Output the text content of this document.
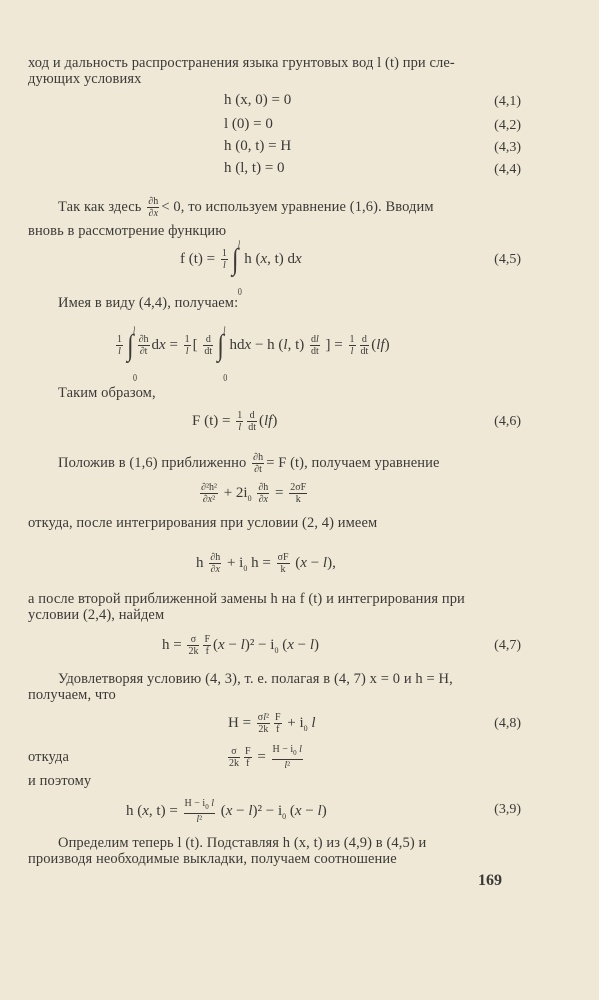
ход и дальность распространения языка грунтовых вод l (t) при сле-
дующих условиях
h (x, 0) = 0	(4,1)
l (0) = 0	(4,2)
h (0, t) = H	(4,3)
h (l, t) = 0	(4,4)
Так как здесь $\frac{\partial h}{\partial x} < 0$, то используем уравнение (1,6). Вводим
вновь в рассмотрение функцию
f $(t) = \frac{1}{l}$ ∫ l
0
h (x, t) dx	(4,5)
Имея в виду (4,4), получаем:
$\frac{1}{l}$ ∫ l
0
$\frac{\partial h}{\partial t}$ dx = $\frac{1}{l}$ [ $\frac{d}{dt}$ ∫ l
0
hdx − h (l, $t) \frac{dl}{dt}$ ] = $\frac{1}{l} \frac{d}{dt} (lf)$
Таким образом,
F $(t) = \frac{1}{l} \frac{d}{dt} (lf)$	(4,6)
Положив в (1,6) приближенно $\frac{\partial h}{\partial t} = F$ (t), получаем уравнение
$\frac{\text{∂²h²}}{\text{∂x²}} + 2i_0 \frac{\partial h}{\partial x} = \frac{2\sigma F}{k}$
откуда, после интегрирования при условии (2, 4) имеем
h $\frac{\partial h}{\partial x} + i_0$ $h = \frac{\sigma F}{k} (x - l)$,
а после второй приближенной замены h на f (t) и интегрирования при
условии (2,4), найдем
$h = \frac{\sigma}{2k} \frac{F}{f} (x - l)^2 - i_0$ (x − l)	(4,7)
Удовлетворяя условию (4, 3), т. е. полагая в (4, 7) x = 0 и h = H,
получаем, что
$H = \frac{\text{σl²}}{2k} \frac{F}{f} + i_0$ l	(4,8)
откуда	$\frac{\sigma}{2k} \frac{F}{f} = \frac{H - i_0 l}{\text{l²}}$
и поэтому
h (x, $t) = \frac{H - i_0 l}{\text{l²}} (x - l)^2 - i_0$ (x − l)	(3,9)
Определим теперь l (t). Подставляя h (x, t) из (4,9) в (4,5) и
производя необходимые выкладки, получаем соотношение
169
